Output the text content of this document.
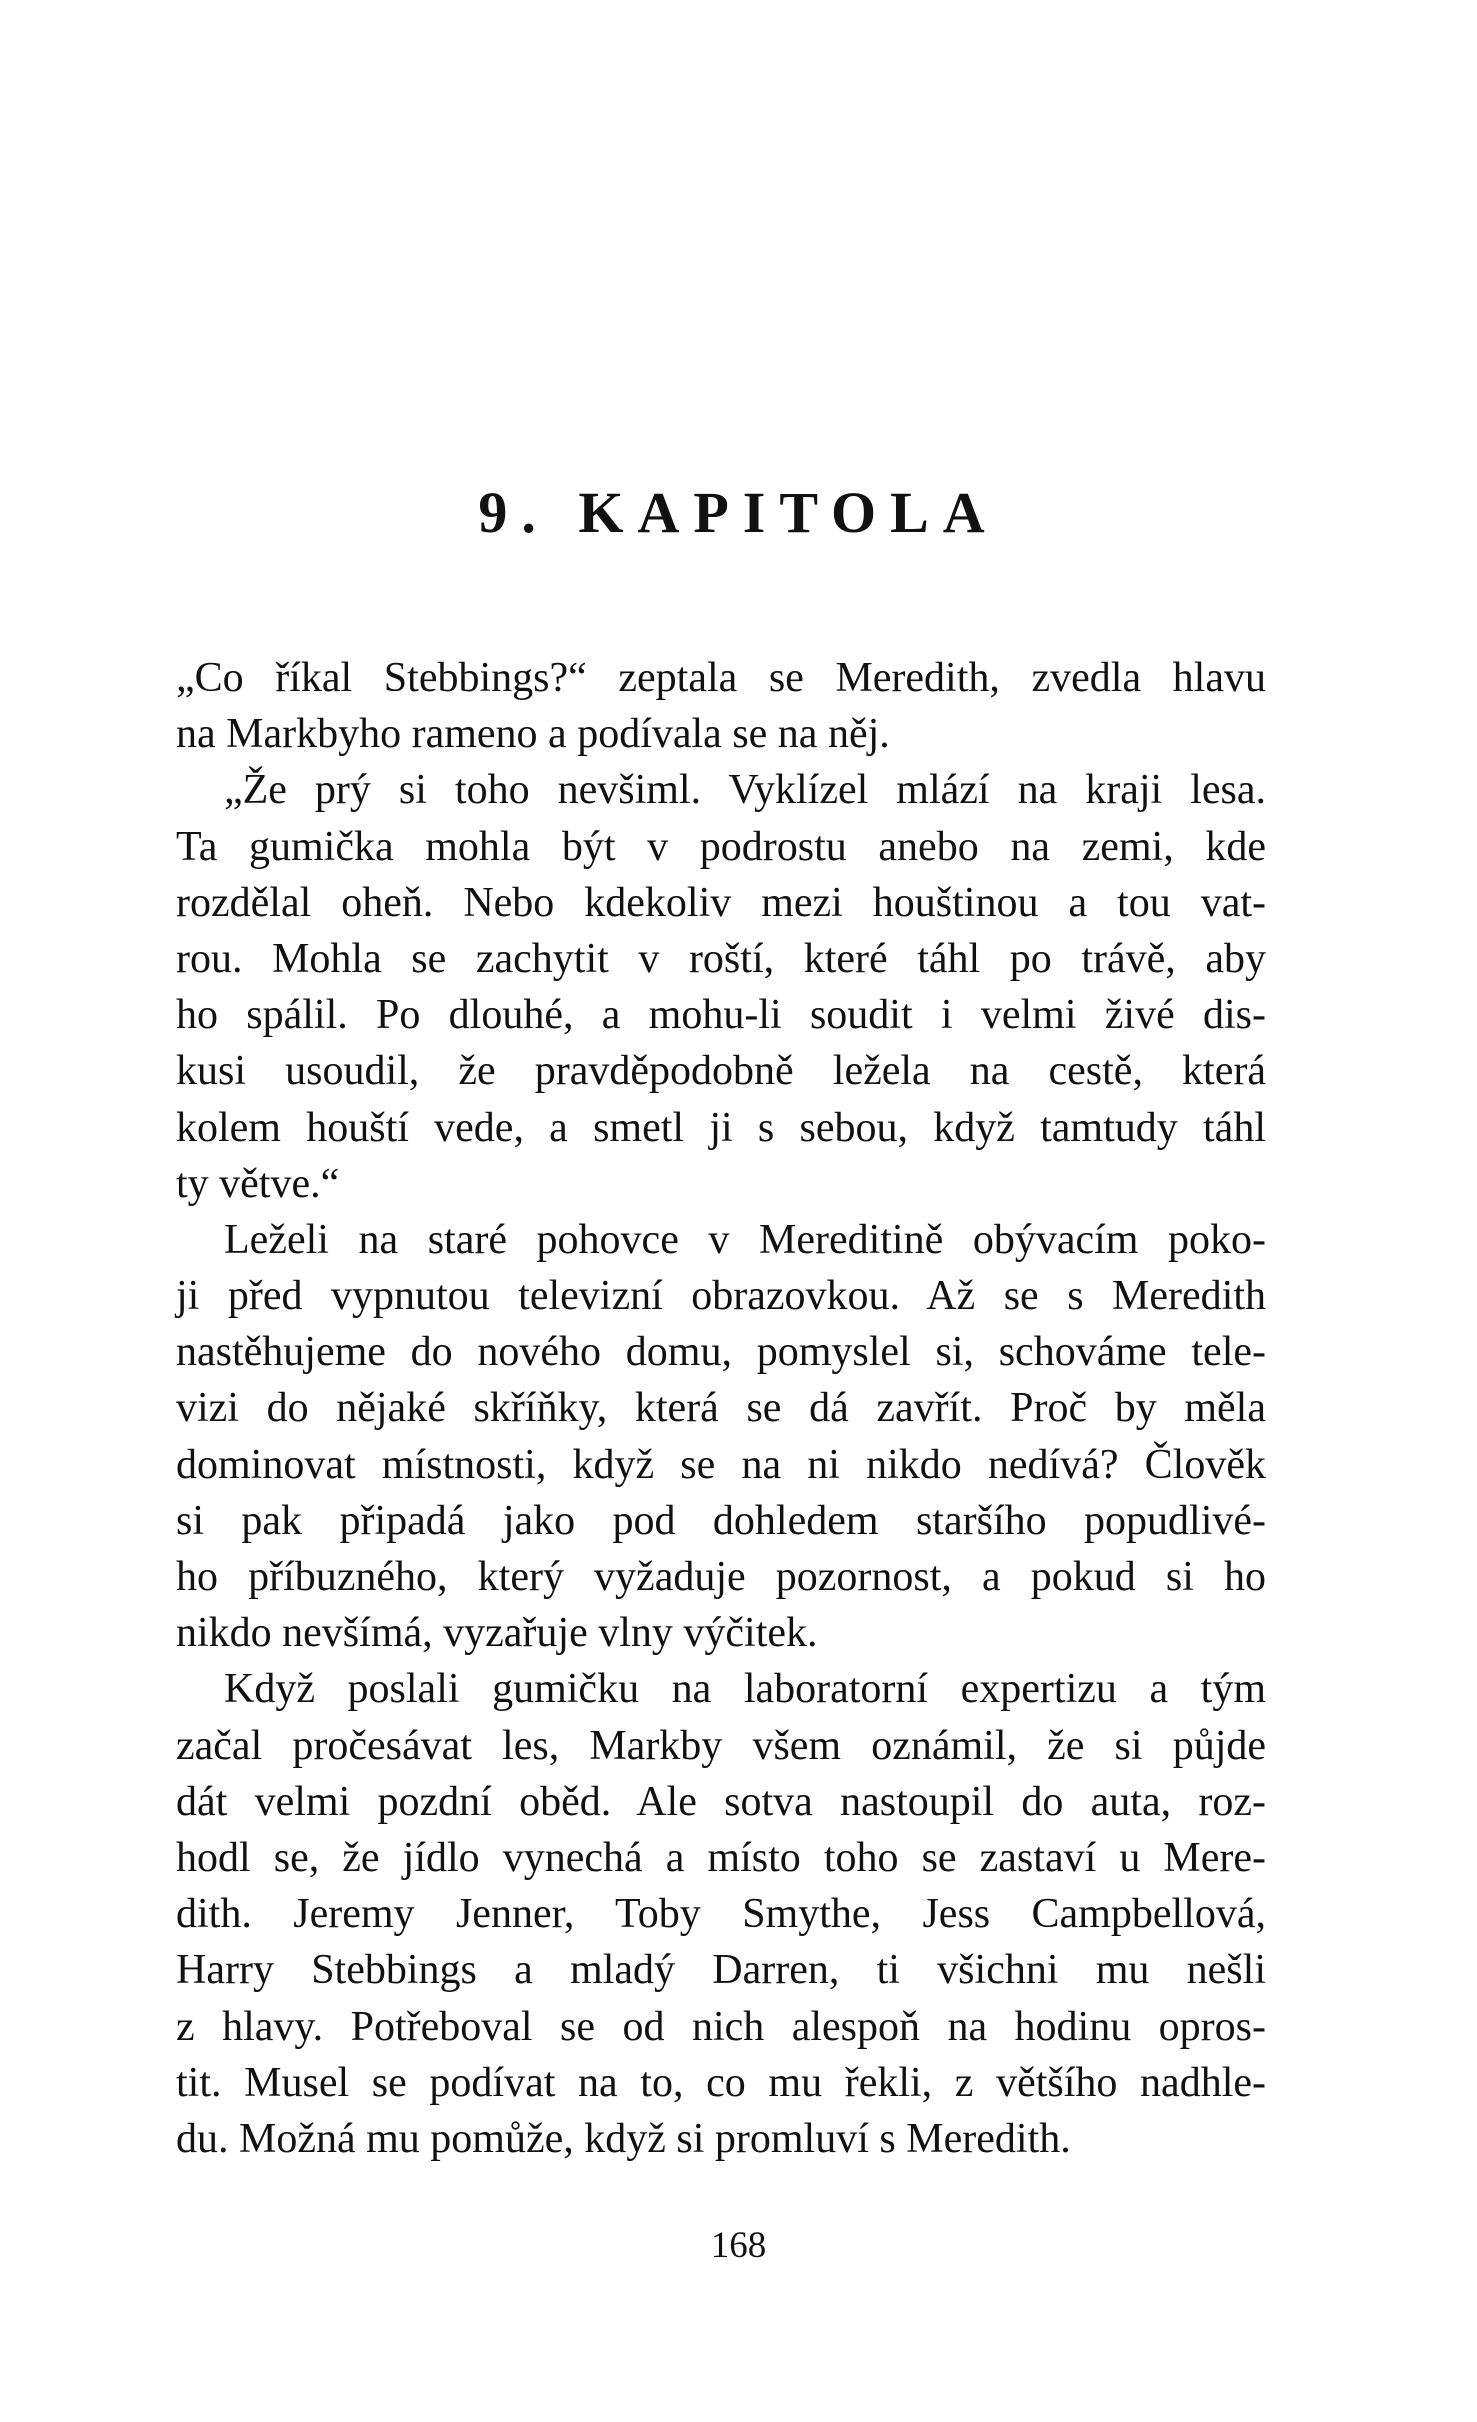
9. KAPITOLA
„Co říkal Stebbings?“ zeptala se Meredith, zvedla hlavu
na Markbyho rameno a podívala se na něj.
„Že prý si toho nevšiml. Vyklízel mlází na kraji lesa.
Ta gumička mohla být v podrostu anebo na zemi, kde
rozdělal oheň. Nebo kdekoliv mezi houštinou a tou vat-
rou. Mohla se zachytit v roští, které táhl po trávě, aby
ho spálil. Po dlouhé, a mohu-li soudit i velmi živé dis-
kusi usoudil, že pravděpodobně ležela na cestě, která
kolem houští vede, a smetl ji s sebou, když tamtudy táhl
ty větve.“
Leželi na staré pohovce v Mereditině obývacím poko-
ji před vypnutou televizní obrazovkou. Až se s Meredith
nastěhujeme do nového domu, pomyslel si, schováme tele-
vizi do nějaké skříňky, která se dá zavřít. Proč by měla
dominovat místnosti, když se na ni nikdo nedívá? Člověk
si pak připadá jako pod dohledem staršího popudlivé-
ho příbuzného, který vyžaduje pozornost, a pokud si ho
nikdo nevšímá, vyzařuje vlny výčitek.
Když poslali gumičku na laboratorní expertizu a tým
začal pročesávat les, Markby všem oznámil, že si půjde
dát velmi pozdní oběd. Ale sotva nastoupil do auta, roz-
hodl se, že jídlo vynechá a místo toho se zastaví u Mere-
dith. Jeremy Jenner, Toby Smythe, Jess Campbellová,
Harry Stebbings a mladý Darren, ti všichni mu nešli
z hlavy. Potřeboval se od nich alespoň na hodinu opros-
tit. Musel se podívat na to, co mu řekli, z většího nadhle-
du. Možná mu pomůže, když si promluví s Meredith.
168
